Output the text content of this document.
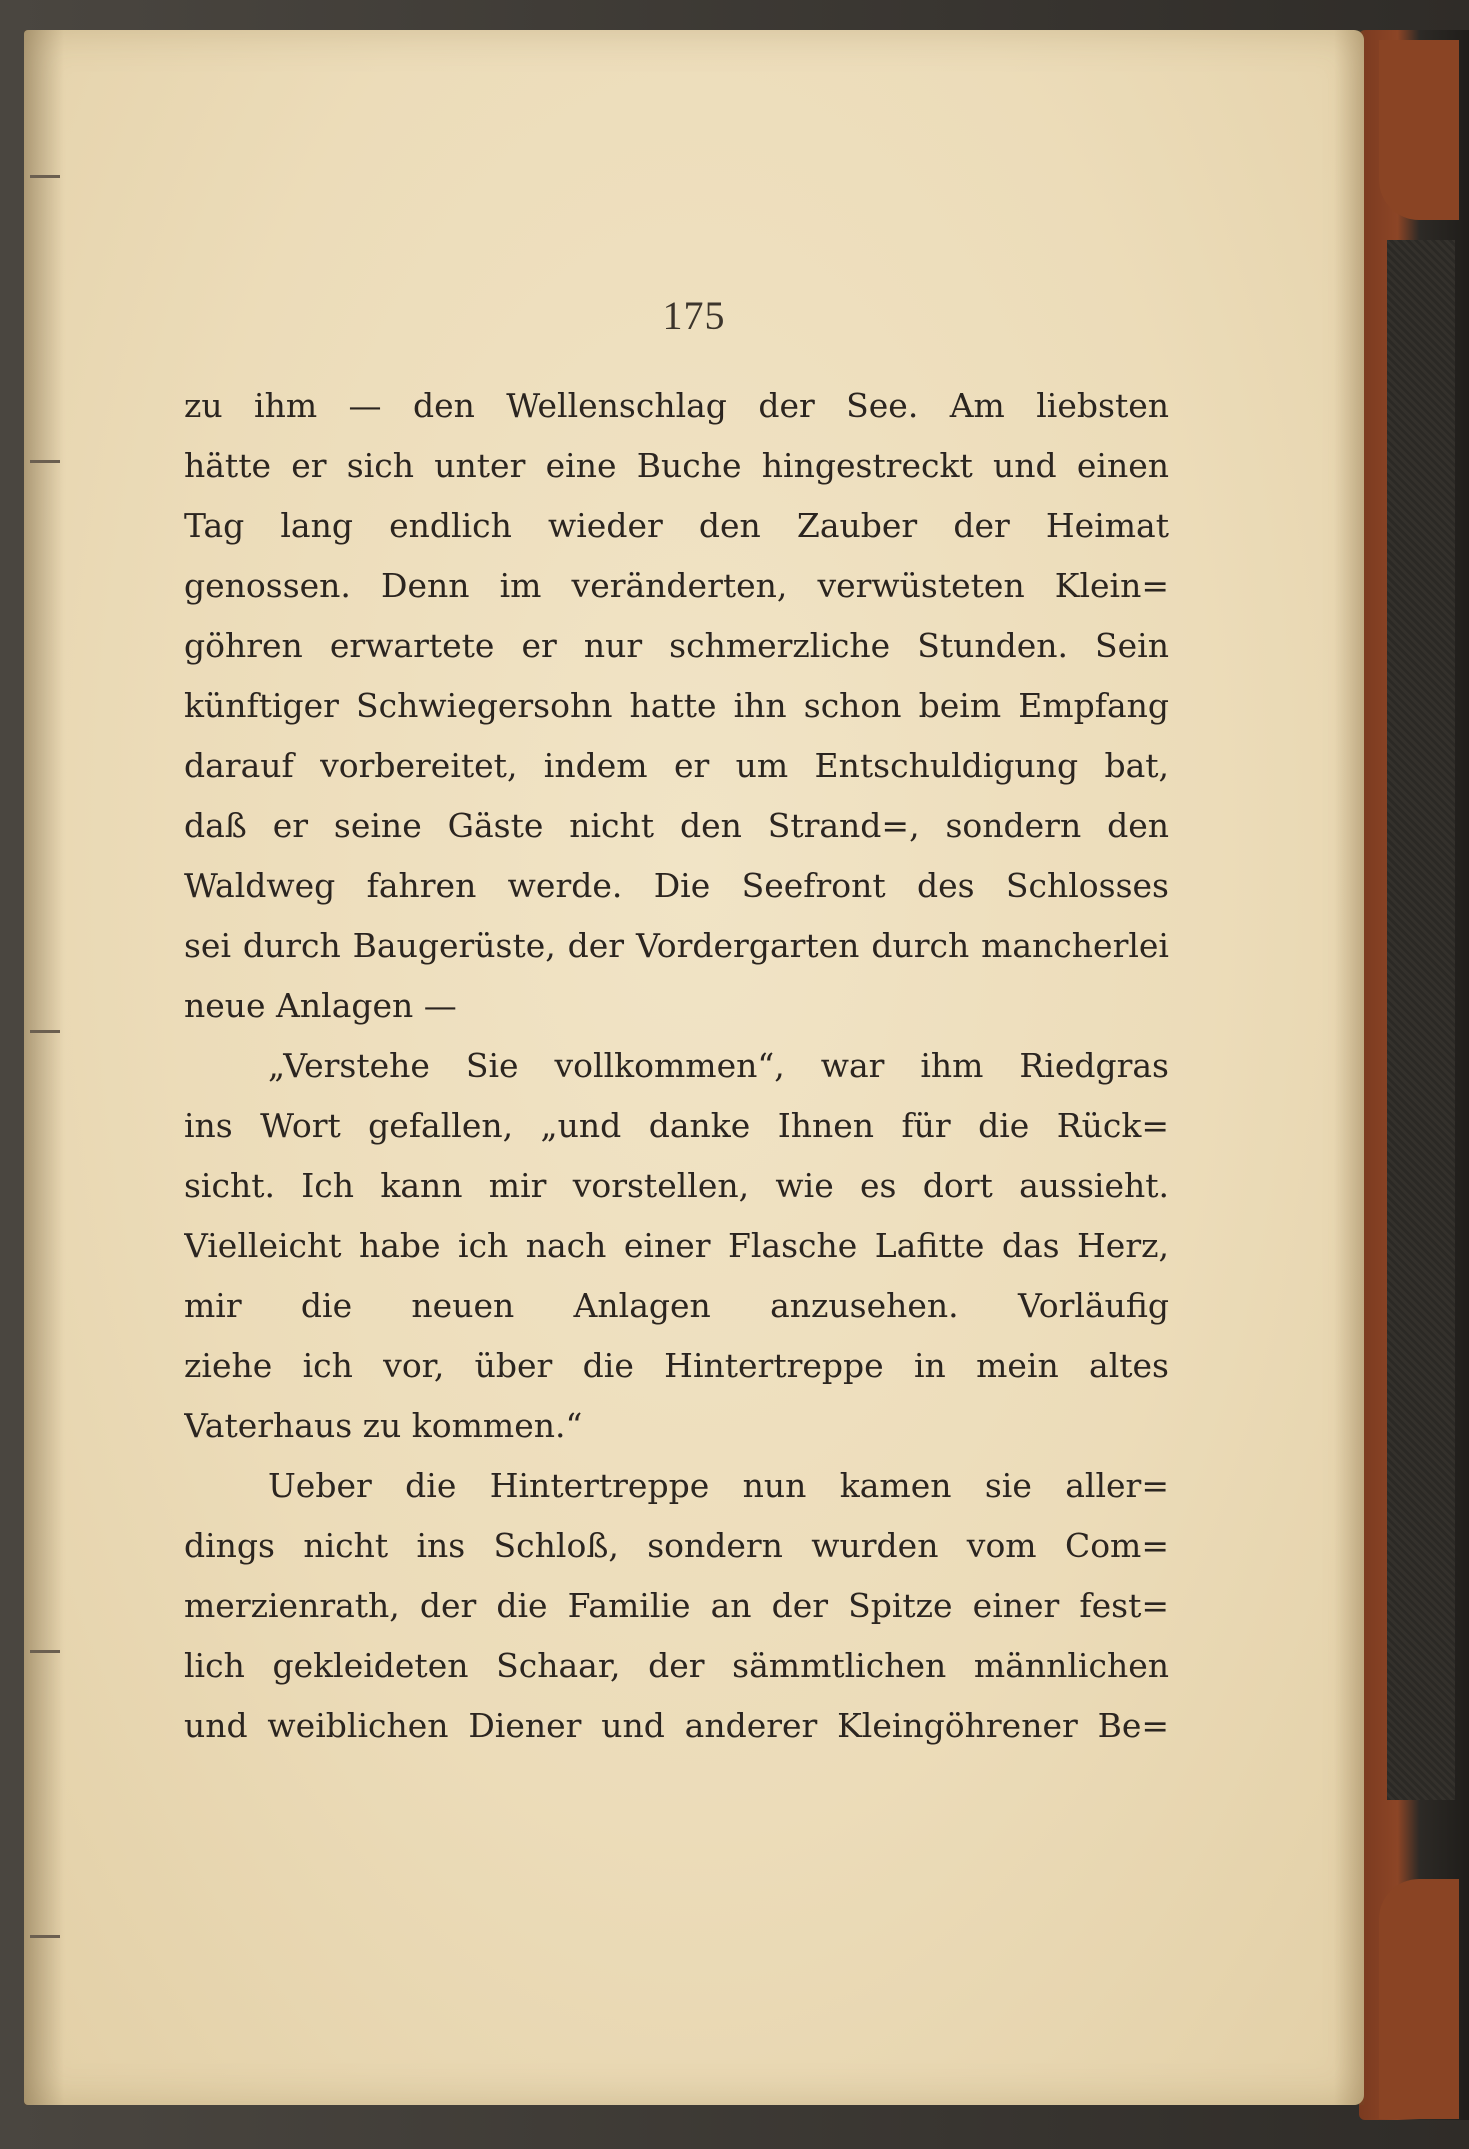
175
zu ihm — den Wellenschlag der See. Am liebsten
hätte er sich unter eine Buche hingestreckt und einen
Tag lang endlich wieder den Zauber der Heimat
genossen. Denn im veränderten, verwüsteten Klein=
göhren erwartete er nur schmerzliche Stunden. Sein
künftiger Schwiegersohn hatte ihn schon beim Empfang
darauf vorbereitet, indem er um Entschuldigung bat,
daß er seine Gäste nicht den Strand=, sondern den
Waldweg fahren werde. Die Seefront des Schlosses
sei durch Baugerüste, der Vordergarten durch mancherlei
neue Anlagen —
„Verstehe Sie vollkommen“, war ihm Riedgras
ins Wort gefallen, „und danke Ihnen für die Rück=
sicht. Ich kann mir vorstellen, wie es dort aussieht.
Vielleicht habe ich nach einer Flasche Lafitte das Herz,
mir die neuen Anlagen anzusehen. Vorläufig
ziehe ich vor, über die Hintertreppe in mein altes
Vaterhaus zu kommen.“
Ueber die Hintertreppe nun kamen sie aller=
dings nicht ins Schloß, sondern wurden vom Com=
merzienrath, der die Familie an der Spitze einer fest=
lich gekleideten Schaar, der sämmtlichen männlichen
und weiblichen Diener und anderer Kleingöhrener Be=
